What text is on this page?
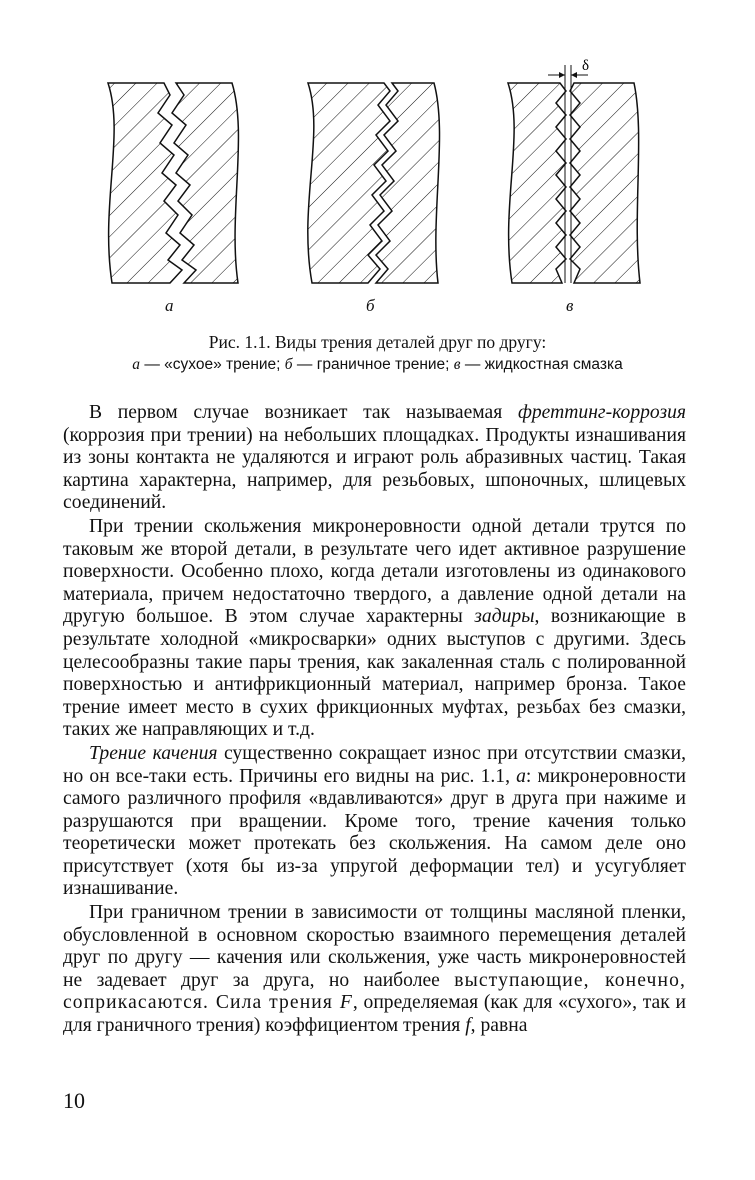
δ
а	б	в
Рис. 1.1. Виды трения деталей друг по другу:
а — «сухое» трение; б — граничное трение; в — жидкостная смазка

В первом случае возникает так называемая фреттинг-коррозия (коррозия при трении) на небольших площадках. Продукты изнашивания из зоны контакта не удаляются и играют роль абразивных частиц. Такая картина характерна, например, для резьбовых, шпоночных, шлицевых соединений.

При трении скольжения микронеровности одной детали трутся по таковым же второй детали, в результате чего идет активное разрушение поверхности. Особенно плохо, когда детали изготовлены из одинакового материала, причем недостаточно твердого, а давление одной детали на другую большое. В этом случае характерны задиры, возникающие в результате холодной «микросварки» одних выступов с другими. Здесь целесообразны такие пары трения, как закаленная сталь с полированной поверхностью и антифрикционный материал, например бронза. Такое трение имеет место в сухих фрикционных муфтах, резьбах без смазки, таких же направляющих и т.д.

Трение качения существенно сокращает износ при отсутствии смазки, но он все-таки есть. Причины его видны на рис. 1.1, а: микронеровности самого различного профиля «вдавливаются» друг в друга при нажиме и разрушаются при вращении. Кроме того, трение качения только теоретически может протекать без скольжения. На самом деле оно присутствует (хотя бы из-за упругой деформации тел) и усугубляет изнашивание.

При граничном трении в зависимости от толщины масляной пленки, обусловленной в основном скоростью взаимного перемещения деталей друг по другу — качения или скольжения, уже часть микронеровностей не задевает друг за друга, но наиболее выступающие, конечно, соприкасаются. Сила трения F, определяемая (как для «сухого», так и для граничного трения) коэффициентом трения f, равна

10
